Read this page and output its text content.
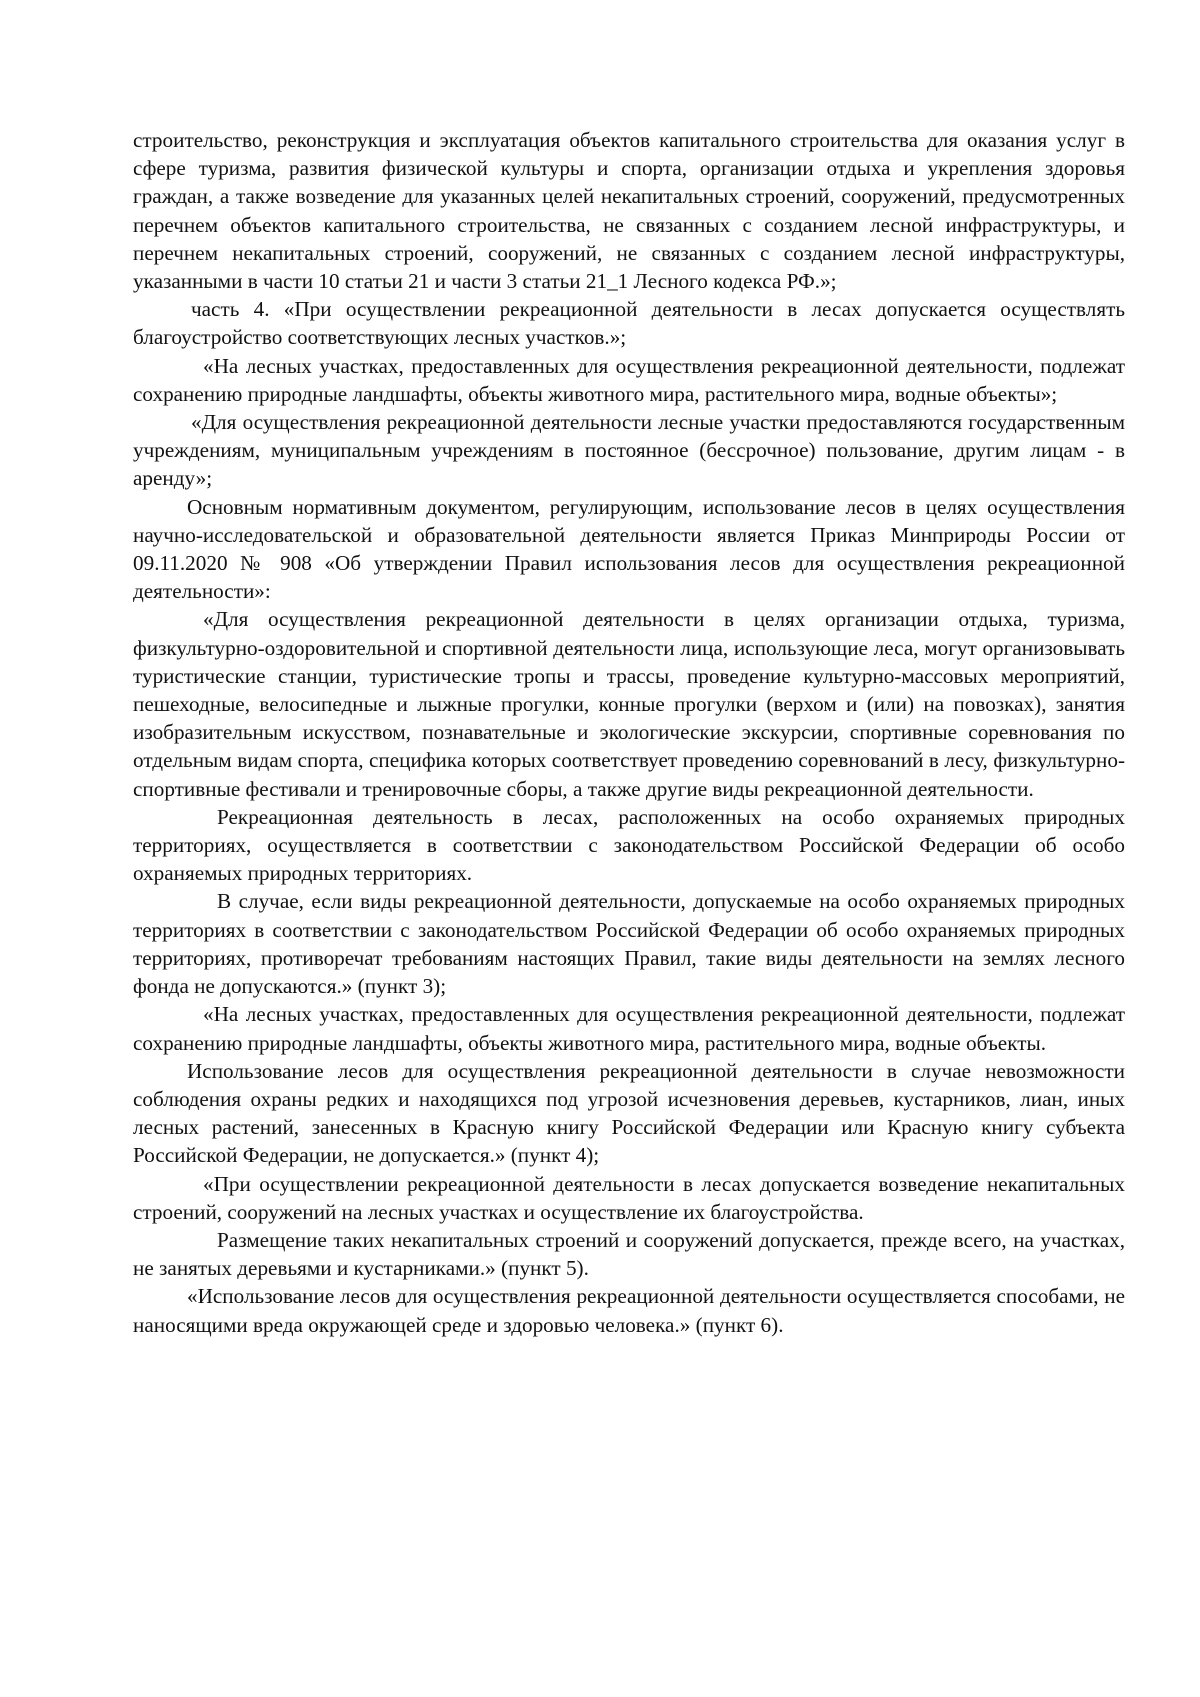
строительство, реконструкция и эксплуатация объектов капитального строительства для оказания услуг в сфере туризма, развития физической культуры и спорта, организации отдыха и укрепления здоровья граждан, а также возведение для указанных целей некапитальных строений, сооружений, предусмотренных перечнем объектов капитального строительства, не связанных с созданием лесной инфраструктуры, и перечнем некапитальных строений, сооружений, не связанных с созданием лесной инфраструктуры, указанными в части 10 статьи 21 и части 3 статьи 21_1 Лесного кодекса РФ.»;

часть 4. «При осуществлении рекреационной деятельности в лесах допускается осуществлять благоустройство соответствующих лесных участков.»;

«На лесных участках, предоставленных для осуществления рекреационной деятельности, подлежат сохранению природные ландшафты, объекты животного мира, растительного мира, водные объекты»;

«Для осуществления рекреационной деятельности лесные участки предоставляются государственным учреждениям, муниципальным учреждениям в постоянное (бессрочное) пользование, другим лицам - в аренду»;

Основным нормативным документом, регулирующим, использование лесов в целях осуществления научно-исследовательской и образовательной деятельности является Приказ Минприроды России от 09.11.2020 № 908 «Об утверждении Правил использования лесов для осуществления рекреационной деятельности»:

«Для осуществления рекреационной деятельности в целях организации отдыха, туризма, физкультурно-оздоровительной и спортивной деятельности лица, использующие леса, могут организовывать туристические станции, туристические тропы и трассы, проведение культурно-массовых мероприятий, пешеходные, велосипедные и лыжные прогулки, конные прогулки (верхом и (или) на повозках), занятия изобразительным искусством, познавательные и экологические экскурсии, спортивные соревнования по отдельным видам спорта, специфика которых соответствует проведению соревнований в лесу, физкультурно-спортивные фестивали и тренировочные сборы, а также другие виды рекреационной деятельности.

Рекреационная деятельность в лесах, расположенных на особо охраняемых природных территориях, осуществляется в соответствии с законодательством Российской Федерации об особо охраняемых природных территориях.

В случае, если виды рекреационной деятельности, допускаемые на особо охраняемых природных территориях в соответствии с законодательством Российской Федерации об особо охраняемых природных территориях, противоречат требованиям настоящих Правил, такие виды деятельности на землях лесного фонда не допускаются.» (пункт 3);

«На лесных участках, предоставленных для осуществления рекреационной деятельности, подлежат сохранению природные ландшафты, объекты животного мира, растительного мира, водные объекты.

Использование лесов для осуществления рекреационной деятельности в случае невозможности соблюдения охраны редких и находящихся под угрозой исчезновения деревьев, кустарников, лиан, иных лесных растений, занесенных в Красную книгу Российской Федерации или Красную книгу субъекта Российской Федерации, не допускается.» (пункт 4);

«При осуществлении рекреационной деятельности в лесах допускается возведение некапитальных строений, сооружений на лесных участках и осуществление их благоустройства.

Размещение таких некапитальных строений и сооружений допускается, прежде всего, на участках, не занятых деревьями и кустарниками.» (пункт 5).

«Использование лесов для осуществления рекреационной деятельности осуществляется способами, не наносящими вреда окружающей среде и здоровью человека.» (пункт 6).
